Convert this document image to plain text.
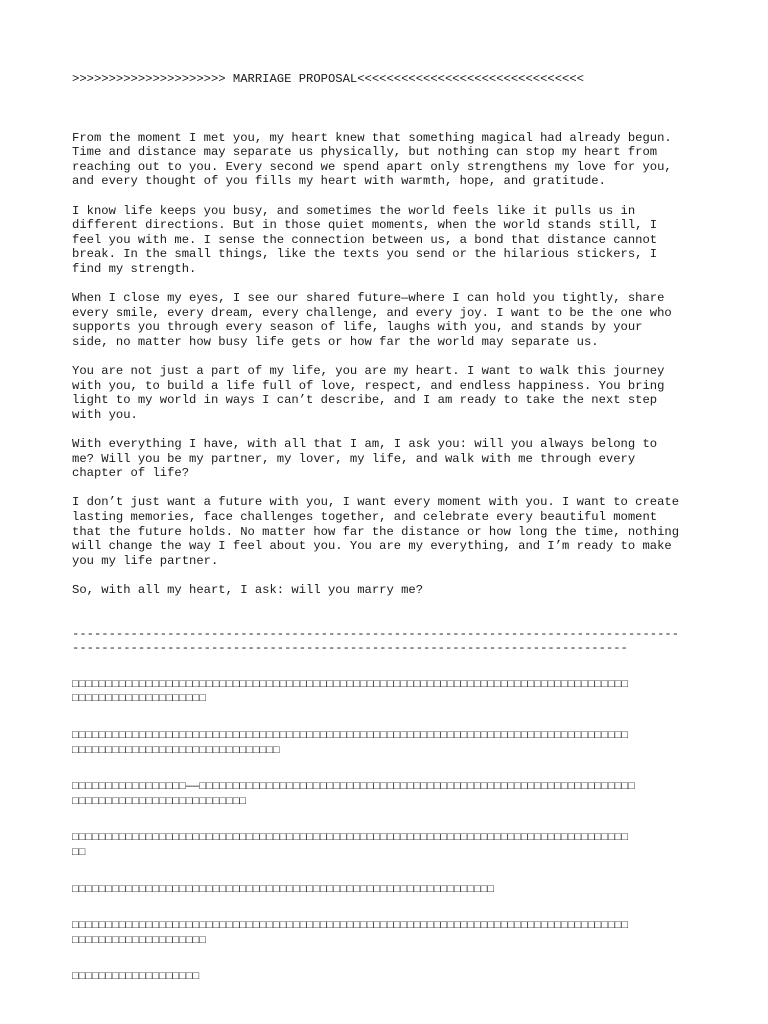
>>>>>>>>>>>>>>>>>>>>> MARRIAGE PROPOSAL<<<<<<<<<<<<<<<<<<<<<<<<<<<<<<<

From the moment I met you, my heart knew that something magical had already begun.
Time and distance may separate us physically, but nothing can stop my heart from
reaching out to you. Every second we spend apart only strengthens my love for you,
and every thought of you fills my heart with warmth, hope, and gratitude.

I know life keeps you busy, and sometimes the world feels like it pulls us in
different directions. But in those quiet moments, when the world stands still, I
feel you with me. I sense the connection between us, a bond that distance cannot
break. In the small things, like the texts you send or the hilarious stickers, I
find my strength.

When I close my eyes, I see our shared future—where I can hold you tightly, share
every smile, every dream, every challenge, and every joy. I want to be the one who
supports you through every season of life, laughs with you, and stands by your
side, no matter how busy life gets or how far the world may separate us.

You are not just a part of my life, you are my heart. I want to walk this journey
with you, to build a life full of love, respect, and endless happiness. You bring
light to my world in ways I can’t describe, and I am ready to take the next step
with you.

With everything I have, with all that I am, I ask you: will you always belong to
me? Will you be my partner, my lover, my life, and walk with me through every
chapter of life?

I don’t just want a future with you, I want every moment with you. I want to create
lasting memories, face challenges together, and celebrate every beautiful moment
that the future holds. No matter how far the distance or how long the time, nothing
will change the way I feel about you. You are my everything, and I’m ready to make
you my life partner.

So, with all my heart, I ask: will you marry me?

-----------------------------------------------------------------------------------
----------------------------------------------------------------------------

□□□□□□□□□□□□□□□□□□□□□□□□□□□□□□□□□□□□□□□□□□□□□□□□□□□□□□□□□□□□□□□□□□□□□□□□□□□□□□□□□□□
□□□□□□□□□□□□□□□□□□□□

□□□□□□□□□□□□□□□□□□□□□□□□□□□□□□□□□□□□□□□□□□□□□□□□□□□□□□□□□□□□□□□□□□□□□□□□□□□□□□□□□□□
□□□□□□□□□□□□□□□□□□□□□□□□□□□□□□□

□□□□□□□□□□□□□□□□□——□□□□□□□□□□□□□□□□□□□□□□□□□□□□□□□□□□□□□□□□□□□□□□□□□□□□□□□□□□□□□□□□□
□□□□□□□□□□□□□□□□□□□□□□□□□□

□□□□□□□□□□□□□□□□□□□□□□□□□□□□□□□□□□□□□□□□□□□□□□□□□□□□□□□□□□□□□□□□□□□□□□□□□□□□□□□□□□□
□□

□□□□□□□□□□□□□□□□□□□□□□□□□□□□□□□□□□□□□□□□□□□□□□□□□□□□□□□□□□□□□□□

□□□□□□□□□□□□□□□□□□□□□□□□□□□□□□□□□□□□□□□□□□□□□□□□□□□□□□□□□□□□□□□□□□□□□□□□□□□□□□□□□□□
□□□□□□□□□□□□□□□□□□□□

□□□□□□□□□□□□□□□□□□□
